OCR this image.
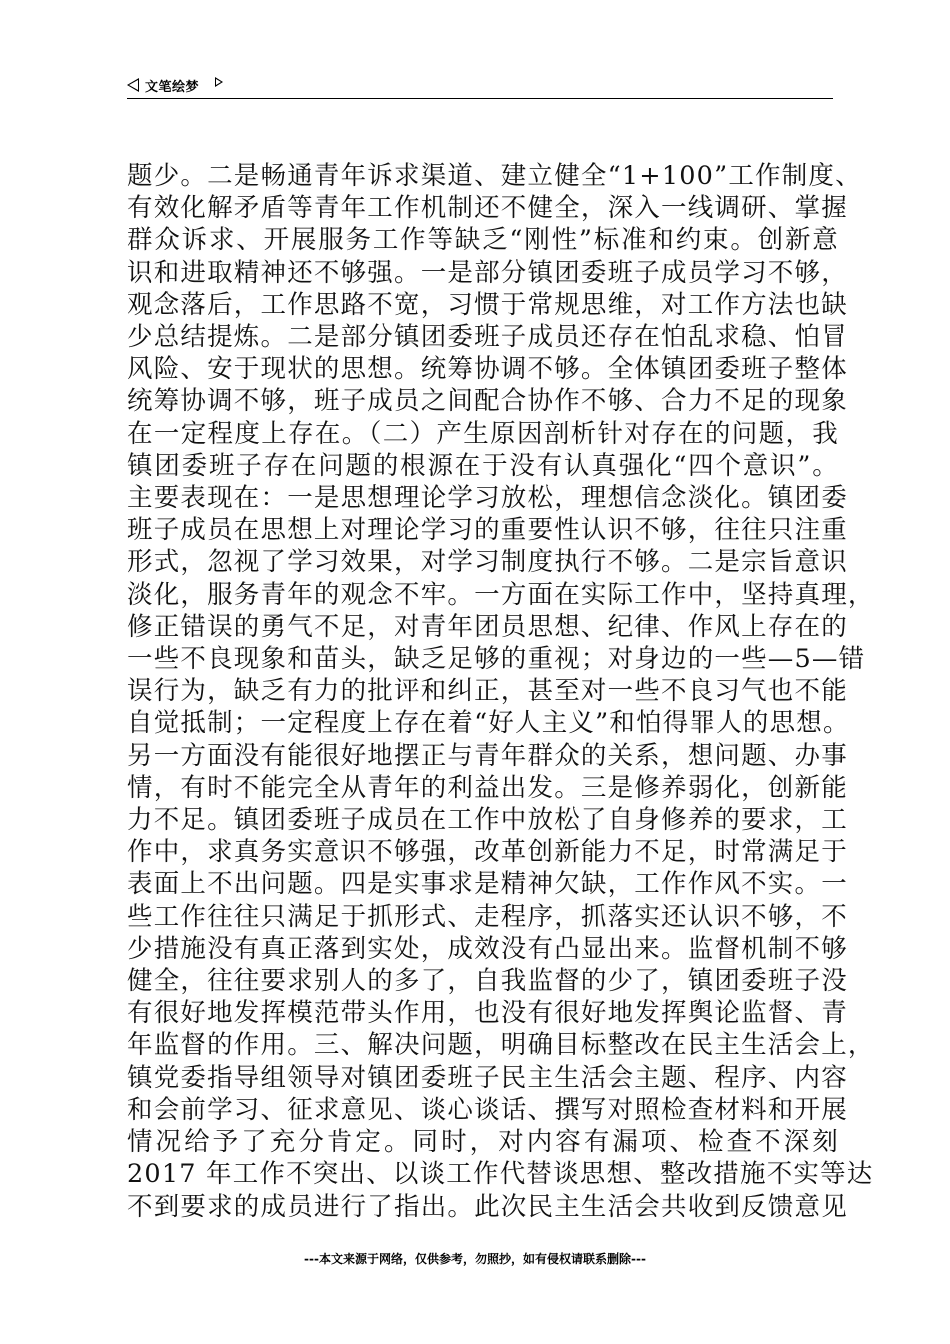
文笔绘梦
题少。二是畅通青年诉求渠道、建立健全“1+100”工作制度、
有效化解矛盾等青年工作机制还不健全，深入一线调研、掌握
群众诉求、开展服务工作等缺乏“刚性”标准和约束。创新意
识和进取精神还不够强。一是部分镇团委班子成员学习不够，
观念落后，工作思路不宽，习惯于常规思维，对工作方法也缺
少总结提炼。二是部分镇团委班子成员还存在怕乱求稳、怕冒
风险、安于现状的思想。统筹协调不够。全体镇团委班子整体
统筹协调不够，班子成员之间配合协作不够、合力不足的现象
在一定程度上存在。（二）产生原因剖析针对存在的问题，我
镇团委班子存在问题的根源在于没有认真强化“四个意识”。
主要表现在：一是思想理论学习放松，理想信念淡化。镇团委
班子成员在思想上对理论学习的重要性认识不够，往往只注重
形式，忽视了学习效果，对学习制度执行不够。二是宗旨意识
淡化，服务青年的观念不牢。一方面在实际工作中，坚持真理，
修正错误的勇气不足，对青年团员思想、纪律、作风上存在的
一些不良现象和苗头，缺乏足够的重视；对身边的一些—5—错
误行为，缺乏有力的批评和纠正，甚至对一些不良习气也不能
自觉抵制；一定程度上存在着“好人主义”和怕得罪人的思想。
另一方面没有能很好地摆正与青年群众的关系，想问题、办事
情，有时不能完全从青年的利益出发。三是修养弱化，创新能
力不足。镇团委班子成员在工作中放松了自身修养的要求，工
作中，求真务实意识不够强，改革创新能力不足，时常满足于
表面上不出问题。四是实事求是精神欠缺，工作作风不实。一
些工作往往只满足于抓形式、走程序，抓落实还认识不够，不
少措施没有真正落到实处，成效没有凸显出来。监督机制不够
健全，往往要求别人的多了，自我监督的少了，镇团委班子没
有很好地发挥模范带头作用，也没有很好地发挥舆论监督、青
年监督的作用。三、解决问题，明确目标整改在民主生活会上，
镇党委指导组领导对镇团委班子民主生活会主题、程序、内容
和会前学习、征求意见、谈心谈话、撰写对照检查材料和开展
情况给予了充分肯定。同时，对内容有漏项、检查不深刻
2017 年工作不突出、以谈工作代替谈思想、整改措施不实等达
不到要求的成员进行了指出。此次民主生活会共收到反馈意见
---本文来源于网络，仅供参考，勿照抄，如有侵权请联系删除---
